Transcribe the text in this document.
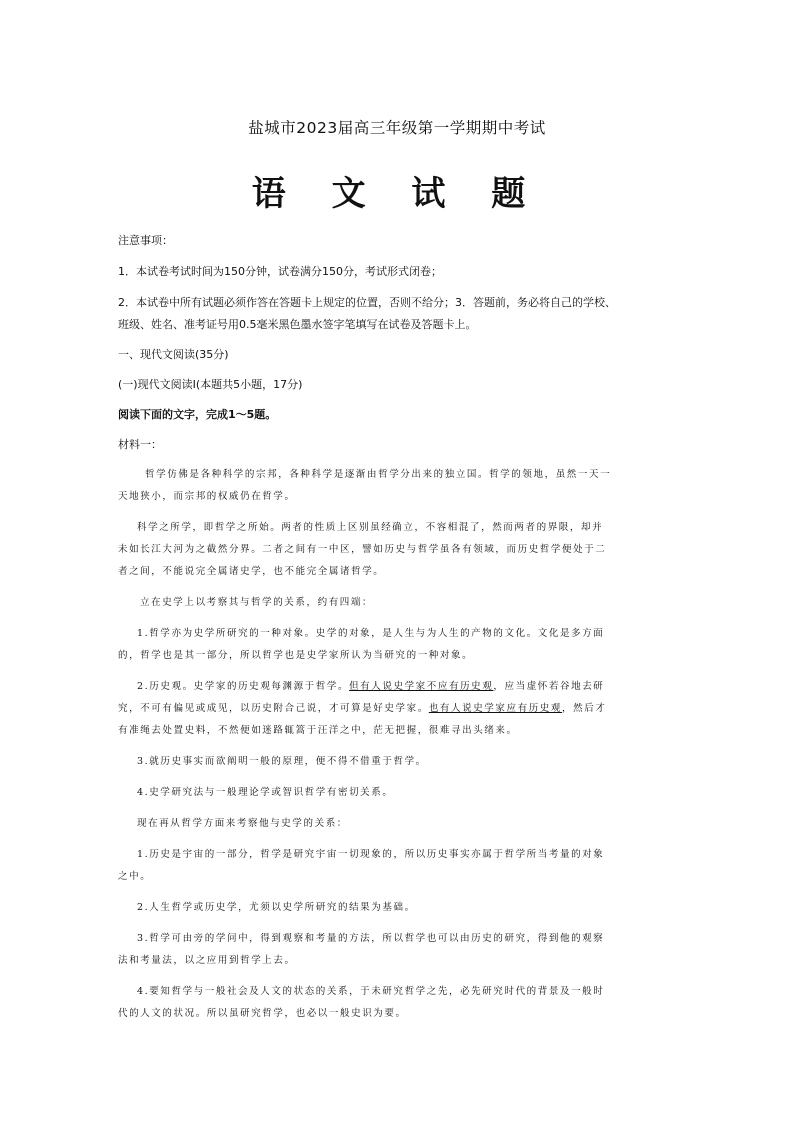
盐城市2023届高三年级第一学期期中考试
语 文 试 题
注意事项：
1．本试卷考试时间为150分钟，试卷满分150分，考试形式闭卷；
2．本试卷中所有试题必须作答在答题卡上规定的位置，否则不给分；3．答题前，务必将自己的学校、
班级、姓名、准考证号用0.5毫米黑色墨水签字笔填写在试卷及答题卡上。
一、现代文阅读(35分)
(一)现代文阅读Ⅰ(本题共5小题，17分)
阅读下面的文字，完成1～5题。
材料一：
哲学仿佛是各种科学的宗邦，各种科学是逐渐由哲学分出来的独立国。哲学的领地，虽然一天一
天地狭小，而宗邦的权威仍在哲学。
科学之所学，即哲学之所始。两者的性质上区别虽经确立，不容相混了，然而两者的界限，却并
未如长江大河为之截然分界。二者之间有一中区，譬如历史与哲学虽各有领域，而历史哲学便处于二
者之间，不能说完全属诸史学，也不能完全属诸哲学。
立在史学上以考察其与哲学的关系，约有四端：
1.哲学亦为史学所研究的一种对象。史学的对象，是人生与为人生的产物的文化。文化是多方面
的，哲学也是其一部分，所以哲学也是史学家所认为当研究的一种对象。
2.历史观。史学家的历史观每渊源于哲学。但有人说史学家不应有历史观，应当虚怀若谷地去研
究，不可有偏见或成见，以历史附合己说，才可算是好史学家。也有人说史学家应有历史观，然后才
有准绳去处置史料，不然便如迷路辄篙于汪洋之中，茫无把握，很难寻出头绪来。
3.就历史事实而欲阐明一般的原理，便不得不借重于哲学。
4.史学研究法与一般理论学或智识哲学有密切关系。
现在再从哲学方面来考察他与史学的关系：
1.历史是宇宙的一部分，哲学是研究宇宙一切现象的，所以历史事实亦属于哲学所当考量的对象
之中。
2.人生哲学或历史学，尤须以史学所研究的结果为基础。
3.哲学可由旁的学问中，得到观察和考量的方法，所以哲学也可以由历史的研究，得到他的观察
法和考量法，以之应用到哲学上去。
4.要知哲学与一般社会及人文的状态的关系，于未研究哲学之先，必先研究时代的背景及一般时
代的人文的状况。所以虽研究哲学，也必以一般史识为要。
